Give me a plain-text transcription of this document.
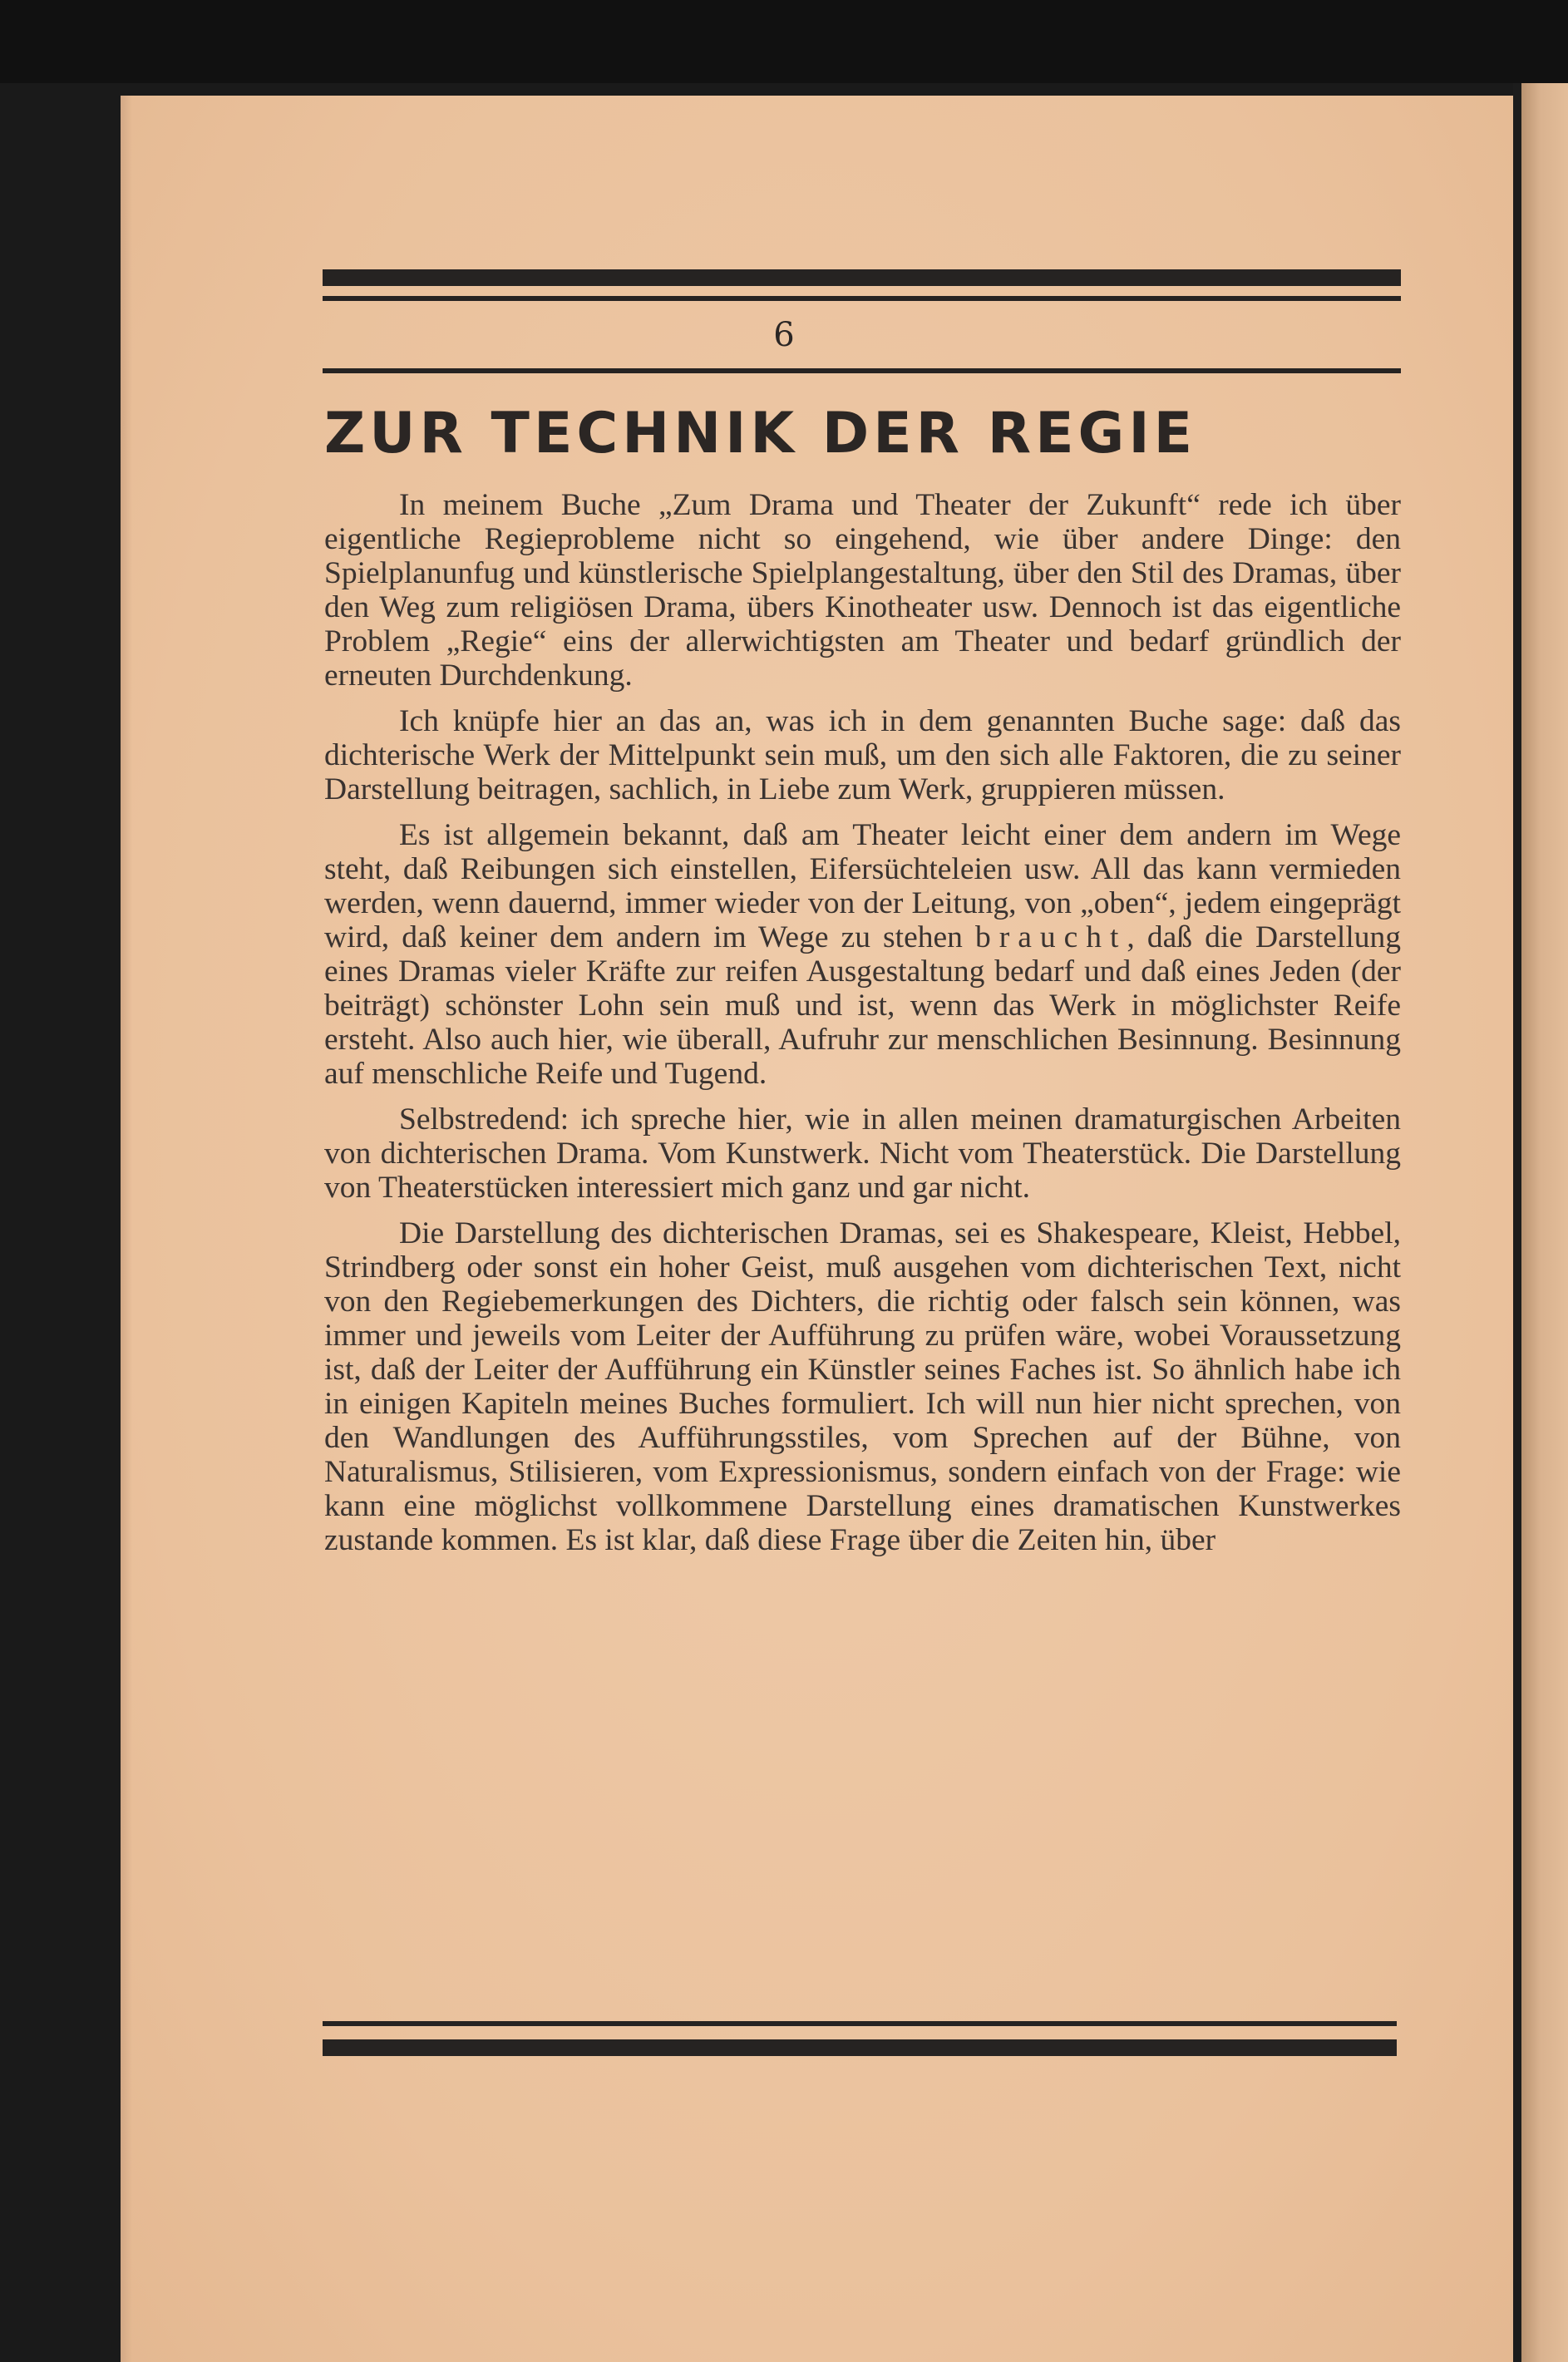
6
ZUR TECHNIK DER REGIE

In meinem Buche „Zum Drama und Theater der Zukunft“ rede ich über eigentliche Regieprobleme nicht so eingehend, wie über andere Dinge: den Spielplanunfug und künstlerische Spielplangestaltung, über den Stil des Dramas, über den Weg zum religiösen Drama, übers Kinotheater usw. Dennoch ist das eigentliche Problem „Regie“ eins der allerwichtigsten am Theater und bedarf gründlich der erneuten Durchdenkung.

Ich knüpfe hier an das an, was ich in dem genannten Buche sage: daß das dichterische Werk der Mittelpunkt sein muß, um den sich alle Faktoren, die zu seiner Darstellung beitragen, sachlich, in Liebe zum Werk, gruppieren müssen.

Es ist allgemein bekannt, daß am Theater leicht einer dem andern im Wege steht, daß Reibungen sich einstellen, Eifersüchteleien usw. All das kann vermieden werden, wenn dauernd, immer wieder von der Leitung, von „oben“, jedem eingeprägt wird, daß keiner dem andern im Wege zu stehen braucht, daß die Darstellung eines Dramas vieler Kräfte zur reifen Ausgestaltung bedarf und daß eines Jeden (der beiträgt) schönster Lohn sein muß und ist, wenn das Werk in möglichster Reife ersteht. Also auch hier, wie überall, Aufruhr zur menschlichen Besinnung. Besinnung auf menschliche Reife und Tugend.

Selbstredend: ich spreche hier, wie in allen meinen dramaturgischen Arbeiten von dichterischen Drama. Vom Kunstwerk. Nicht vom Theaterstück. Die Darstellung von Theaterstücken interessiert mich ganz und gar nicht.

Die Darstellung des dichterischen Dramas, sei es Shakespeare, Kleist, Hebbel, Strindberg oder sonst ein hoher Geist, muß ausgehen vom dichterischen Text, nicht von den Regiebemerkungen des Dichters, die richtig oder falsch sein können, was immer und jeweils vom Leiter der Aufführung zu prüfen wäre, wobei Voraussetzung ist, daß der Leiter der Aufführung ein Künstler seines Faches ist. So ähnlich habe ich in einigen Kapiteln meines Buches formuliert. Ich will nun hier nicht sprechen, von den Wandlungen des Aufführungsstiles, vom Sprechen auf der Bühne, von Naturalismus, Stilisieren, vom Expressionismus, sondern einfach von der Frage: wie kann eine möglichst vollkommene Darstellung eines dramatischen Kunstwerkes zustande kommen. Es ist klar, daß diese Frage über die Zeiten hin, über
